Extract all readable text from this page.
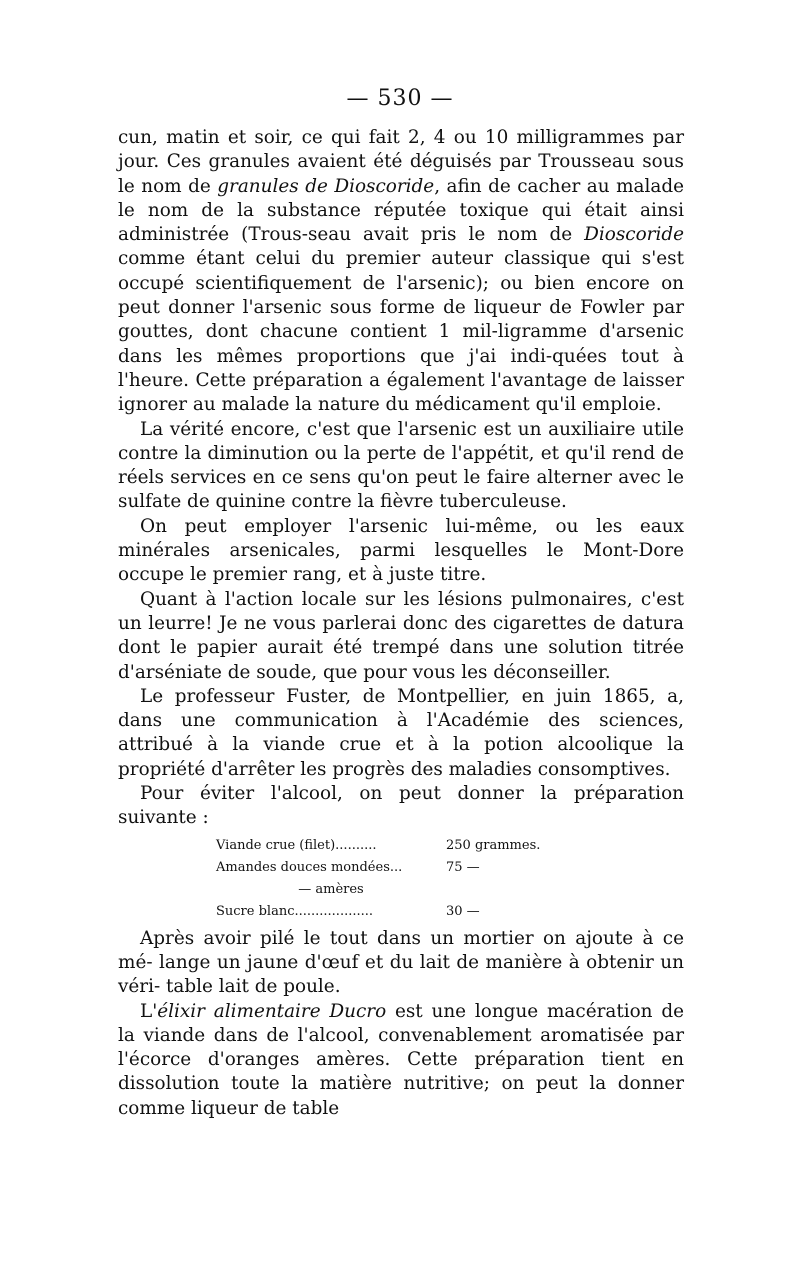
— 530 —

cun, matin et soir, ce qui fait 2, 4 ou 10 milligrammes par jour. Ces granules avaient été déguisés par Trousseau sous le nom de granules de Dioscoride, afin de cacher au malade le nom de la substance réputée toxique qui était ainsi administrée (Trous-seau avait pris le nom de Dioscoride comme étant celui du premier auteur classique qui s'est occupé scientifiquement de l'arsenic); ou bien encore on peut donner l'arsenic sous forme de liqueur de Fowler par gouttes, dont chacune contient 1 mil-ligramme d'arsenic dans les mêmes proportions que j'ai indi-quées tout à l'heure. Cette préparation a également l'avantage de laisser ignorer au malade la nature du médicament qu'il emploie.

La vérité encore, c'est que l'arsenic est un auxiliaire utile contre la diminution ou la perte de l'appétit, et qu'il rend de réels services en ce sens qu'on peut le faire alterner avec le sulfate de quinine contre la fièvre tuberculeuse.

On peut employer l'arsenic lui-même, ou les eaux minérales arsenicales, parmi lesquelles le Mont-Dore occupe le premier rang, et à juste titre.

Quant à l'action locale sur les lésions pulmonaires, c'est un leurre! Je ne vous parlerai donc des cigarettes de datura dont le papier aurait été trempé dans une solution titrée d'arséniate de soude, que pour vous les déconseiller.

Le professeur Fuster, de Montpellier, en juin 1865, a, dans une communication à l'Académie des sciences, attribué à la viande crue et à la potion alcoolique la propriété d'arrêter les progrès des maladies consomptives.

Pour éviter l'alcool, on peut donner la préparation suivante :

Viande crue (filet)..........	250 grammes.
Amandes douces mondées...	75 —
— amères
Sucre blanc...................	30 —

Après avoir pilé le tout dans un mortier on ajoute à ce mé- lange un jaune d'œuf et du lait de manière à obtenir un véri- table lait de poule.

L'élixir alimentaire Ducro est une longue macération de la viande dans de l'alcool, convenablement aromatisée par l'écorce d'oranges amères. Cette préparation tient en dissolution toute la matière nutritive; on peut la donner comme liqueur de table
